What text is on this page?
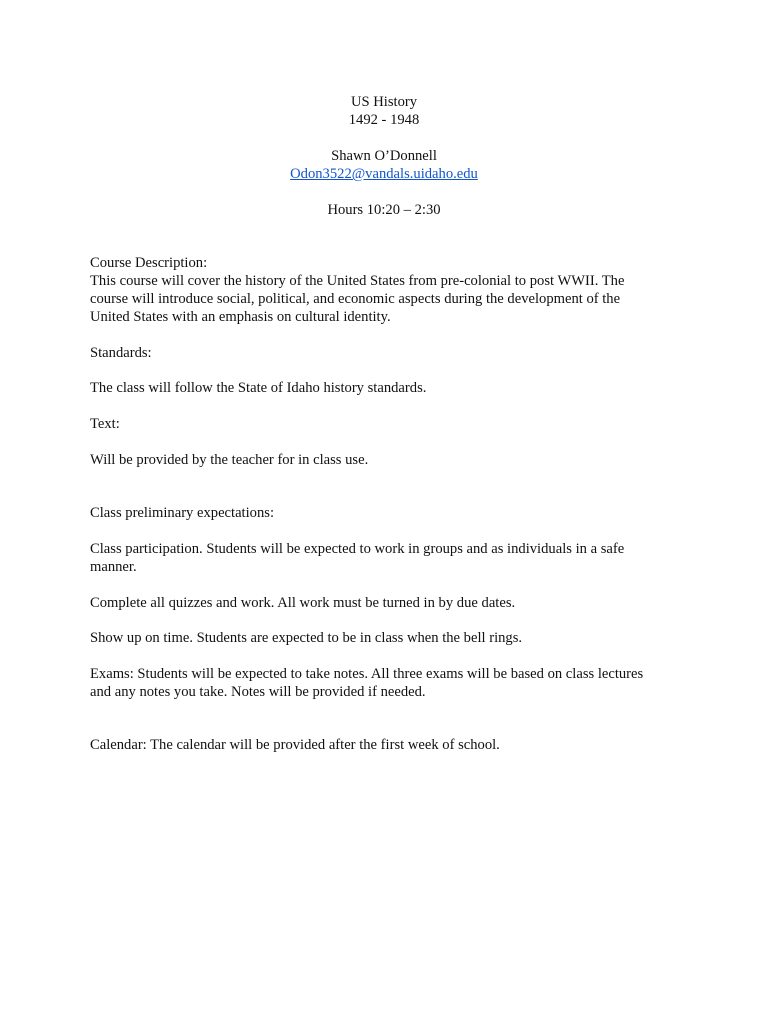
US History
1492 - 1948
Shawn O’Donnell
Odon3522@vandals.uidaho.edu
Hours 10:20 – 2:30
Course Description:
This course will cover the history of the United States from pre-colonial to post WWII. The
course will introduce social, political, and economic aspects during the development of the
United States with an emphasis on cultural identity.
Standards:
The class will follow the State of Idaho history standards.
Text:
Will be provided by the teacher for in class use.
Class preliminary expectations:
Class participation. Students will be expected to work in groups and as individuals in a safe
manner.
Complete all quizzes and work. All work must be turned in by due dates.
Show up on time. Students are expected to be in class when the bell rings.
Exams: Students will be expected to take notes. All three exams will be based on class lectures
and any notes you take. Notes will be provided if needed.
Calendar: The calendar will be provided after the first week of school.
